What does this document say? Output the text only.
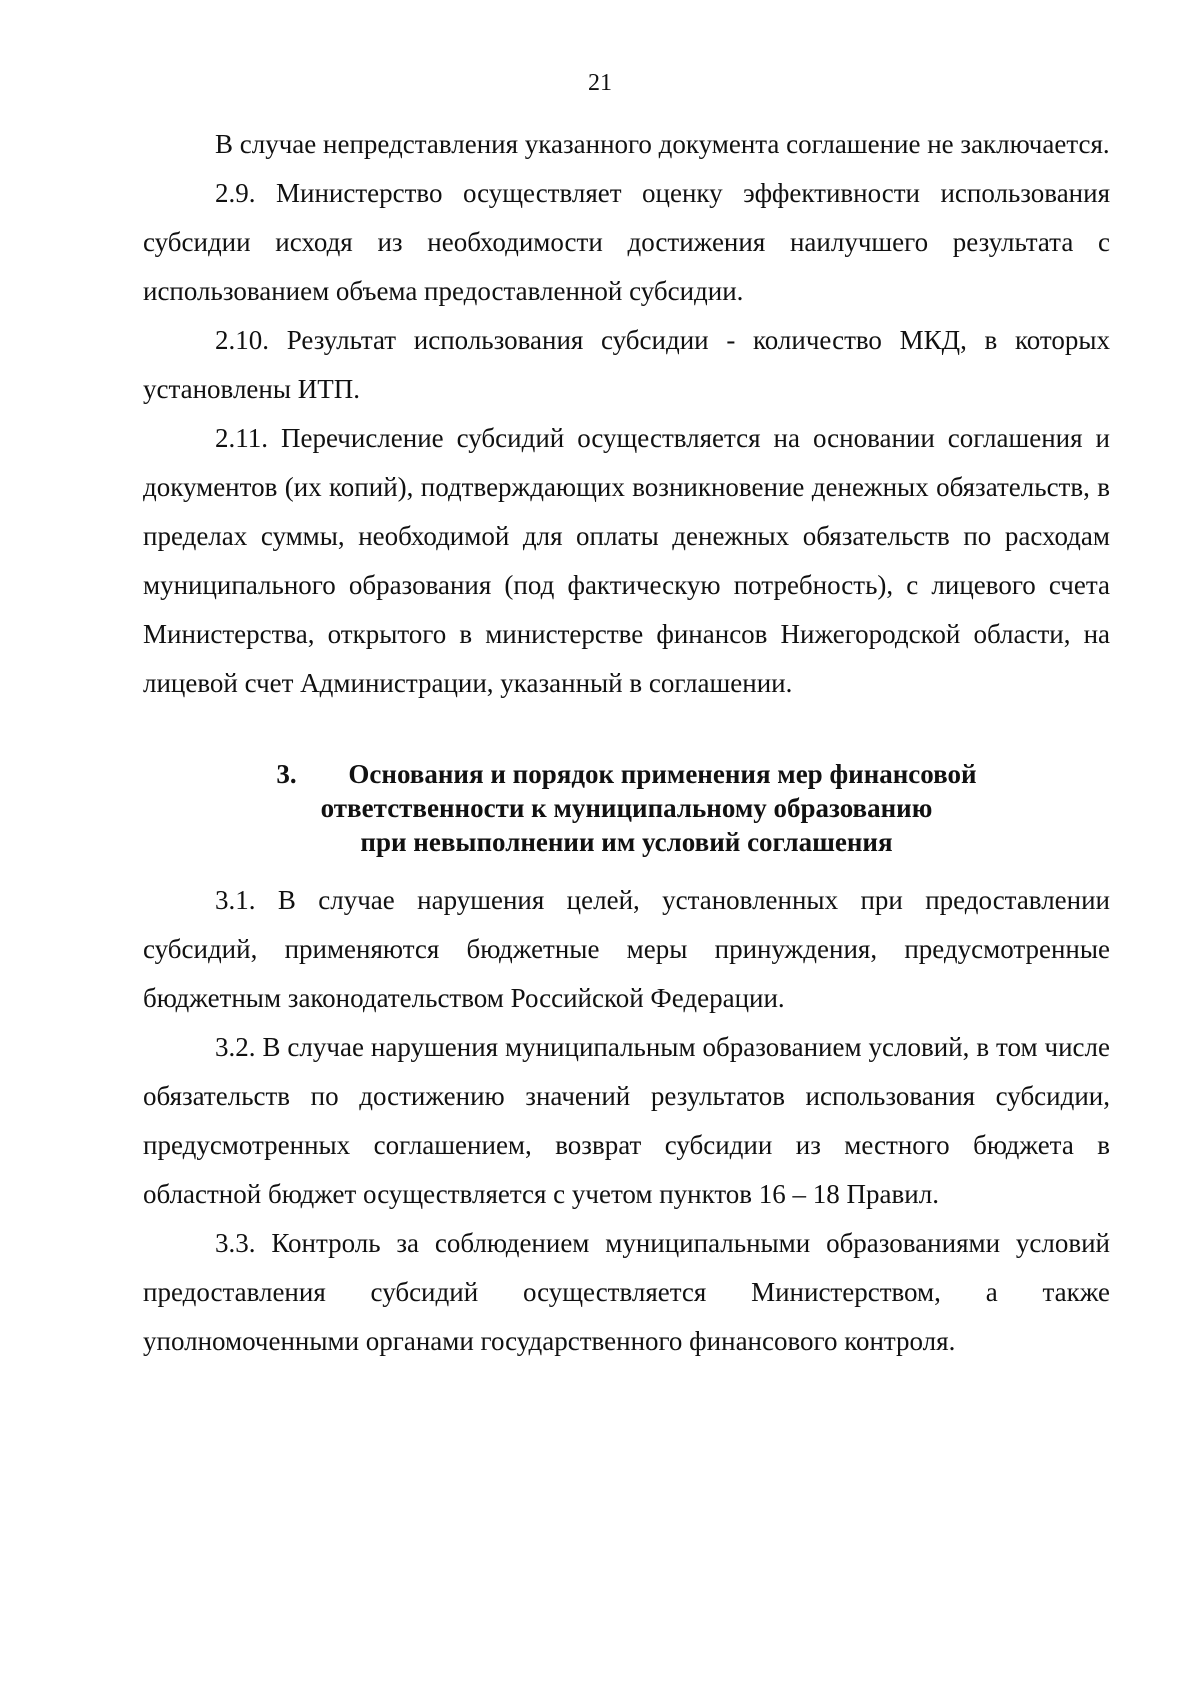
21

В случае непредставления указанного документа соглашение не заключается.

2.9. Министерство осуществляет оценку эффективности использования субсидии исходя из необходимости достижения наилучшего результата с использованием объема предоставленной субсидии.

2.10. Результат использования субсидии - количество МКД, в которых установлены ИТП.

2.11. Перечисление субсидий осуществляется на основании соглашения и документов (их копий), подтверждающих возникновение денежных обязательств, в пределах суммы, необходимой для оплаты денежных обязательств по расходам муниципального образования (под фактическую потребность), с лицевого счета Министерства, открытого в министерстве финансов Нижегородской области, на лицевой счет Администрации, указанный в соглашении.

3. Основания и порядок применения мер финансовой
ответственности к муниципальному образованию
при невыполнении им условий соглашения

3.1. В случае нарушения целей, установленных при предоставлении субсидий, применяются бюджетные меры принуждения, предусмотренные бюджетным законодательством Российской Федерации.

3.2. В случае нарушения муниципальным образованием условий, в том числе обязательств по достижению значений результатов использования субсидии, предусмотренных соглашением, возврат субсидии из местного бюджета в областной бюджет осуществляется с учетом пунктов 16 – 18 Правил.

3.3. Контроль за соблюдением муниципальными образованиями условий предоставления субсидий осуществляется Министерством, а также уполномоченными органами государственного финансового контроля.
